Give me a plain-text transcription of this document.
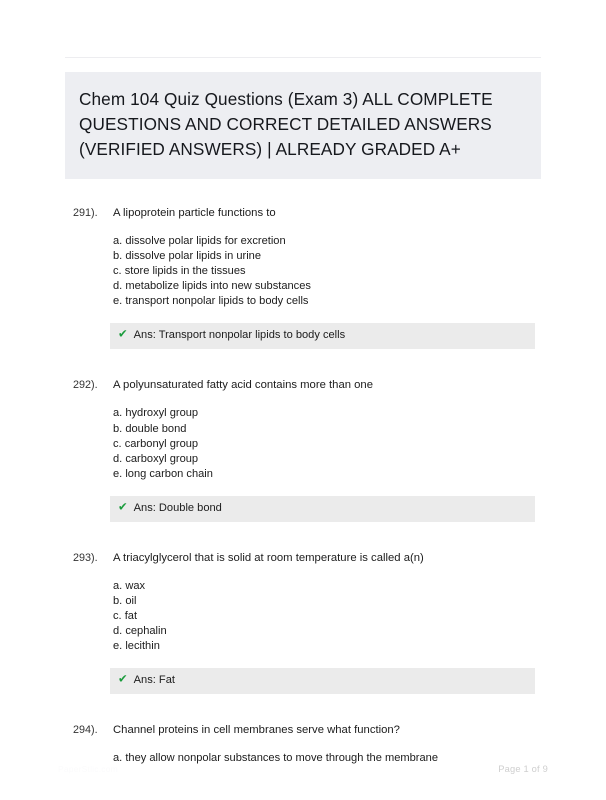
Chem 104 Quiz Questions (Exam 3) ALL COMPLETE QUESTIONS AND CORRECT DETAILED ANSWERS (VERIFIED ANSWERS) | ALREADY GRADED A+
291).	A lipoprotein particle functions to
a. dissolve polar lipids for excretion
b. dissolve polar lipids in urine
c. store lipids in the tissues
d. metabolize lipids into new substances
e. transport nonpolar lipids to body cells
✔ Ans: Transport nonpolar lipids to body cells
292).	A polyunsaturated fatty acid contains more than one
a. hydroxyl group
b. double bond
c. carbonyl group
d. carboxyl group
e. long carbon chain
✔ Ans: Double bond
293).	A triacylglycerol that is solid at room temperature is called a(n)
a. wax
b. oil
c. fat
d. cephalin
e. lecithin
✔ Ans: Fat
294).	Channel proteins in cell membranes serve what function?
a. they allow nonpolar substances to move through the membrane
PaperStlic.com	Page 1 of 9
